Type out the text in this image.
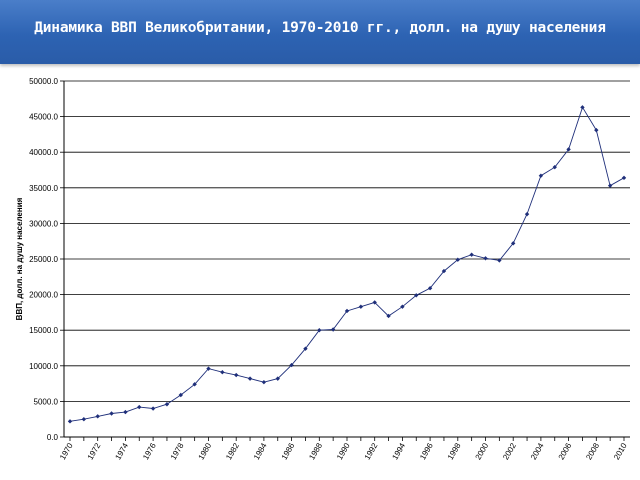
Динамика ВВП Великобритании, 1970-2010 гг., долл. на душу населения
ВВП, долл. на душу населения
0.0
5000.0
10000.0
15000.0
20000.0
25000.0
30000.0
35000.0
40000.0
45000.0
50000.0
1970 1972 1974 1976 1978 1980 1982 1984 1986 1988 1990 1992 1994 1996 1998 2000 2002 2004 2006 2008 2010
